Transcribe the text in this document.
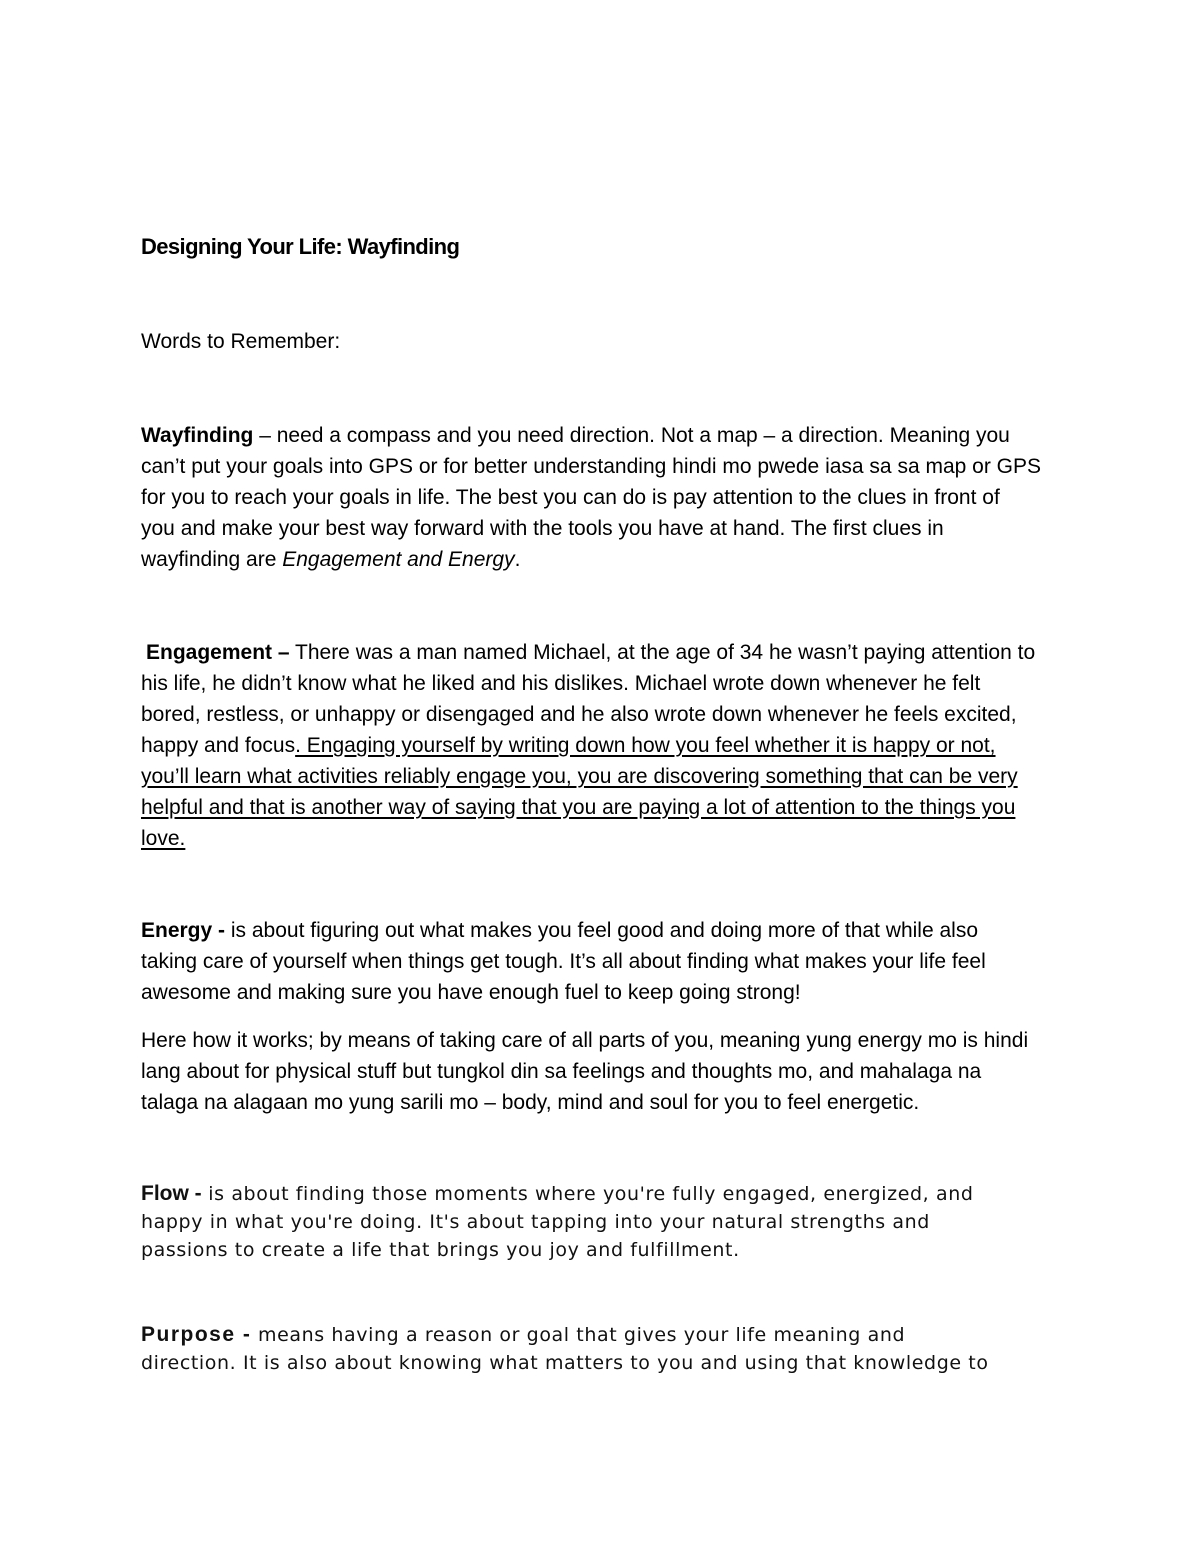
Designing Your Life: Wayfinding
Words to Remember:
Wayfinding – need a compass and you need direction. Not a map – a direction. Meaning you
can’t put your goals into GPS or for better understanding hindi mo pwede iasa sa sa map or GPS
for you to reach your goals in life. The best you can do is pay attention to the clues in front of
you and make your best way forward with the tools you have at hand. The first clues in
wayfinding are Engagement and Energy.
Engagement – There was a man named Michael, at the age of 34 he wasn’t paying attention to
his life, he didn’t know what he liked and his dislikes. Michael wrote down whenever he felt
bored, restless, or unhappy or disengaged and he also wrote down whenever he feels excited,
happy and focus. Engaging yourself by writing down how you feel whether it is happy or not,
you’ll learn what activities reliably engage you, you are discovering something that can be very
helpful and that is another way of saying that you are paying a lot of attention to the things you
love.
Energy - is about figuring out what makes you feel good and doing more of that while also
taking care of yourself when things get tough. It’s all about finding what makes your life feel
awesome and making sure you have enough fuel to keep going strong!
Here how it works; by means of taking care of all parts of you, meaning yung energy mo is hindi
lang about for physical stuff but tungkol din sa feelings and thoughts mo, and mahalaga na
talaga na alagaan mo yung sarili mo – body, mind and soul for you to feel energetic.
Flow - is about finding those moments where you're fully engaged, energized, and
happy in what you're doing. It's about tapping into your natural strengths and
passions to create a life that brings you joy and fulfillment.
Purpose - means having a reason or goal that gives your life meaning and
direction. It is also about knowing what matters to you and using that knowledge to
